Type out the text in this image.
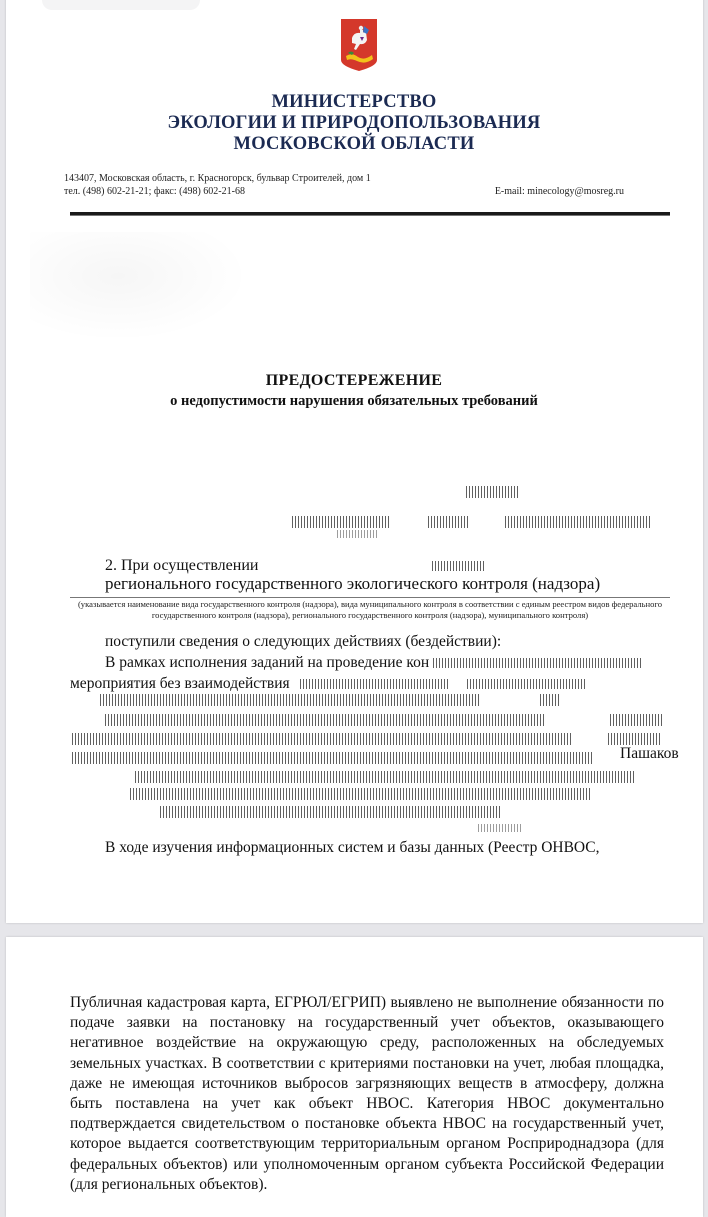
МИНИСТЕРСТВО
ЭКОЛОГИИ И ПРИРОДОПОЛЬЗОВАНИЯ
МОСКОВСКОЙ ОБЛАСТИ
143407, Московская область, г. Красногорск, бульвар Строителей, дом 1
тел. (498) 602-21-21; факс: (498) 602-21-68	E-mail: minecology@mosreg.ru
ПРЕДОСТЕРЕЖЕНИЕ
о недопустимости нарушения обязательных требований
2. При осуществлении
регионального государственного экологического контроля (надзора)
(указывается наименование вида государственного контроля (надзора), вида муниципального контроля в соответствии с единым реестром видов федерального государственного контроля (надзора), регионального государственного контроля (надзора), муниципального контроля)
поступили сведения о следующих действиях (бездействии):
В рамках исполнения заданий на проведение кон
мероприятия без взаимодействия
Пашаков
В ходе изучения информационных систем и базы данных (Реестр ОНВОС,
Публичная кадастровая карта, ЕГРЮЛ/ЕГРИП) выявлено не выполнение обязанности по подаче заявки на постановку на государственный учет объектов, оказывающего негативное воздействие на окружающую среду, расположенных на обследуемых земельных участках. В соответствии с критериями постановки на учет, любая площадка, даже не имеющая источников выбросов загрязняющих веществ в атмосферу, должна быть поставлена на учет как объект НВОС. Категория НВОС документально подтверждается свидетельством о постановке объекта НВОС на государственный учет, которое выдается соответствующим территориальным органом Росприроднадзора (для федеральных объектов) или уполномоченным органом субъекта Российской Федерации (для региональных объектов).
